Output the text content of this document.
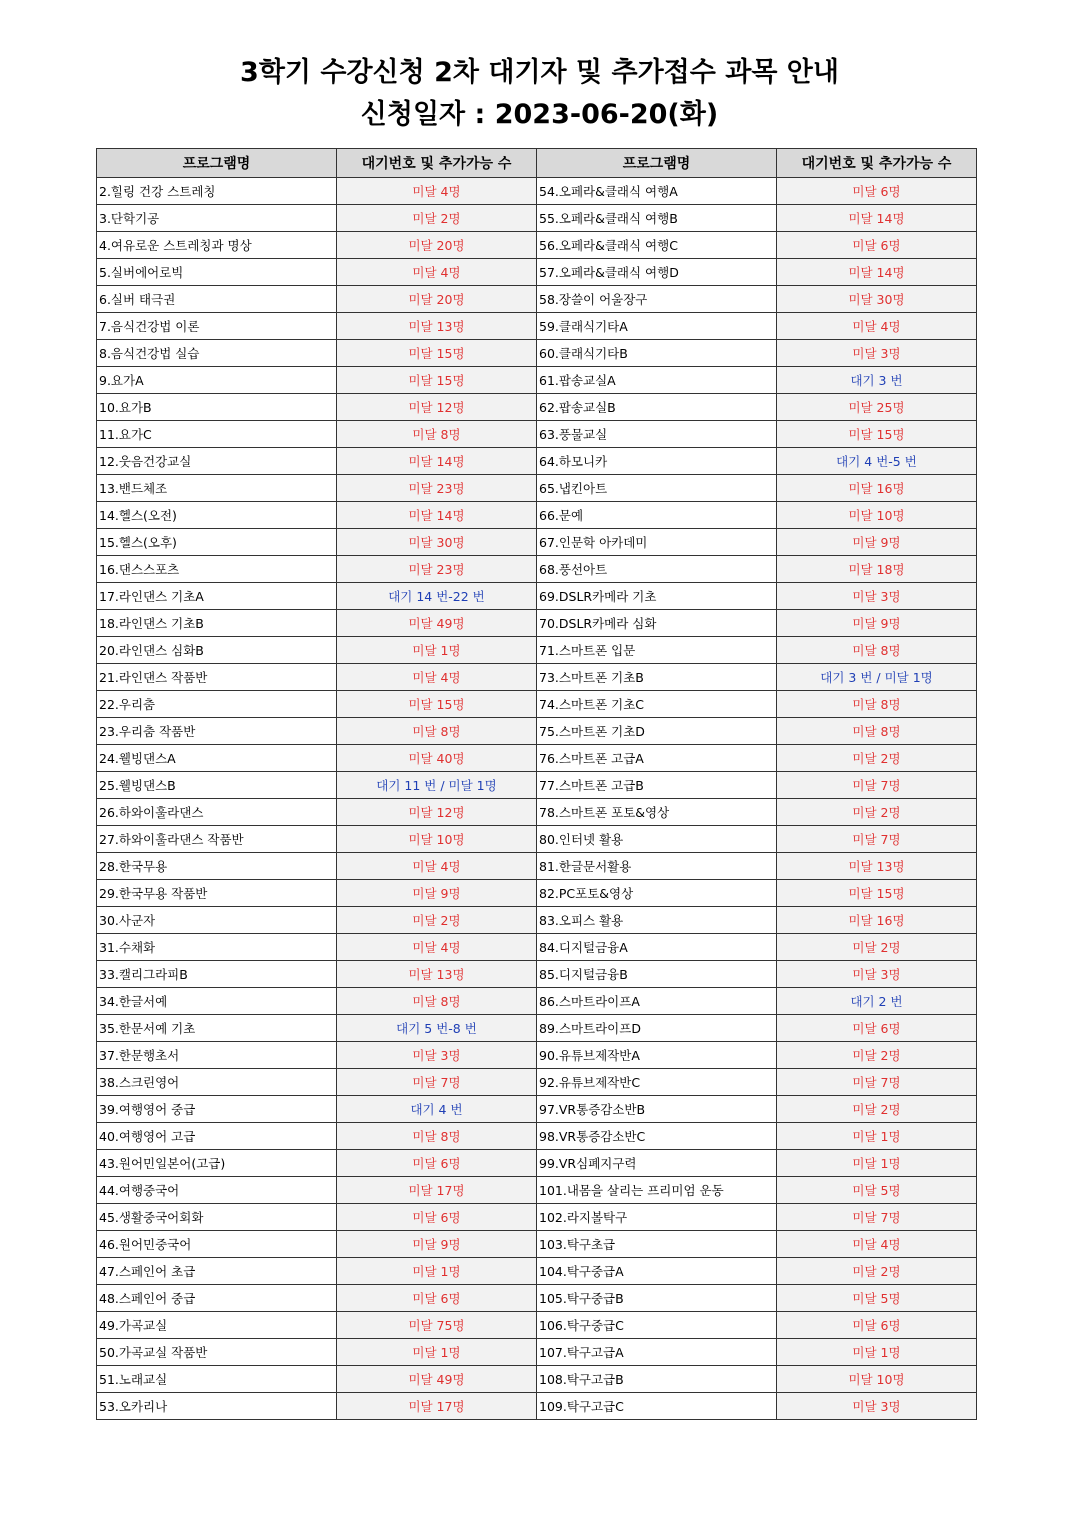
3학기 수강신청 2차 대기자 및 추가접수 과목 안내
신청일자 : 2023-06-20(화)
프로그램명	대기번호 및 추가가능 수	프로그램명	대기번호 및 추가가능 수
2.힐링 건강 스트레칭	미달 4명	54.오페라&클래식 여행A	미달 6명
3.단학기공	미달 2명	55.오페라&클래식 여행B	미달 14명
4.여유로운 스트레칭과 명상	미달 20명	56.오페라&클래식 여행C	미달 6명
5.실버에어로빅	미달 4명	57.오페라&클래식 여행D	미달 14명
6.실버 태극권	미달 20명	58.장쓸이 어울장구	미달 30명
7.음식건강법 이론	미달 13명	59.클래식기타A	미달 4명
8.음식건강법 실습	미달 15명	60.클래식기타B	미달 3명
9.요가A	미달 15명	61.팝송교실A	대기 3 번
10.요가B	미달 12명	62.팝송교실B	미달 25명
11.요가C	미달 8명	63.풍물교실	미달 15명
12.웃음건강교실	미달 14명	64.하모니카	대기 4 번-5 번
13.밴드체조	미달 23명	65.냅킨아트	미달 16명
14.헬스(오전)	미달 14명	66.문예	미달 10명
15.헬스(오후)	미달 30명	67.인문학 아카데미	미달 9명
16.댄스스포츠	미달 23명	68.풍선아트	미달 18명
17.라인댄스 기초A	대기 14 번-22 번	69.DSLR카메라 기초	미달 3명
18.라인댄스 기초B	미달 49명	70.DSLR카메라 심화	미달 9명
20.라인댄스 심화B	미달 1명	71.스마트폰 입문	미달 8명
21.라인댄스 작품반	미달 4명	73.스마트폰 기초B	대기 3 번 / 미달 1명
22.우리춤	미달 15명	74.스마트폰 기초C	미달 8명
23.우리춤 작품반	미달 8명	75.스마트폰 기초D	미달 8명
24.웰빙댄스A	미달 40명	76.스마트폰 고급A	미달 2명
25.웰빙댄스B	대기 11 번 / 미달 1명	77.스마트폰 고급B	미달 7명
26.하와이훌라댄스	미달 12명	78.스마트폰 포토&영상	미달 2명
27.하와이훌라댄스 작품반	미달 10명	80.인터넷 활용	미달 7명
28.한국무용	미달 4명	81.한글문서활용	미달 13명
29.한국무용 작품반	미달 9명	82.PC포토&영상	미달 15명
30.사군자	미달 2명	83.오피스 활용	미달 16명
31.수채화	미달 4명	84.디지털금융A	미달 2명
33.캘리그라피B	미달 13명	85.디지털금융B	미달 3명
34.한글서예	미달 8명	86.스마트라이프A	대기 2 번
35.한문서예 기초	대기 5 번-8 번	89.스마트라이프D	미달 6명
37.한문행초서	미달 3명	90.유튜브제작반A	미달 2명
38.스크린영어	미달 7명	92.유튜브제작반C	미달 7명
39.여행영어 중급	대기 4 번	97.VR통증감소반B	미달 2명
40.여행영어 고급	미달 8명	98.VR통증감소반C	미달 1명
43.원어민일본어(고급)	미달 6명	99.VR심폐지구력	미달 1명
44.여행중국어	미달 17명	101.내몸을 살리는 프리미엄 운동	미달 5명
45.생활중국어회화	미달 6명	102.라지볼탁구	미달 7명
46.원어민중국어	미달 9명	103.탁구초급	미달 4명
47.스페인어 초급	미달 1명	104.탁구중급A	미달 2명
48.스페인어 중급	미달 6명	105.탁구중급B	미달 5명
49.가곡교실	미달 75명	106.탁구중급C	미달 6명
50.가곡교실 작품반	미달 1명	107.탁구고급A	미달 1명
51.노래교실	미달 49명	108.탁구고급B	미달 10명
53.오카리나	미달 17명	109.탁구고급C	미달 3명
